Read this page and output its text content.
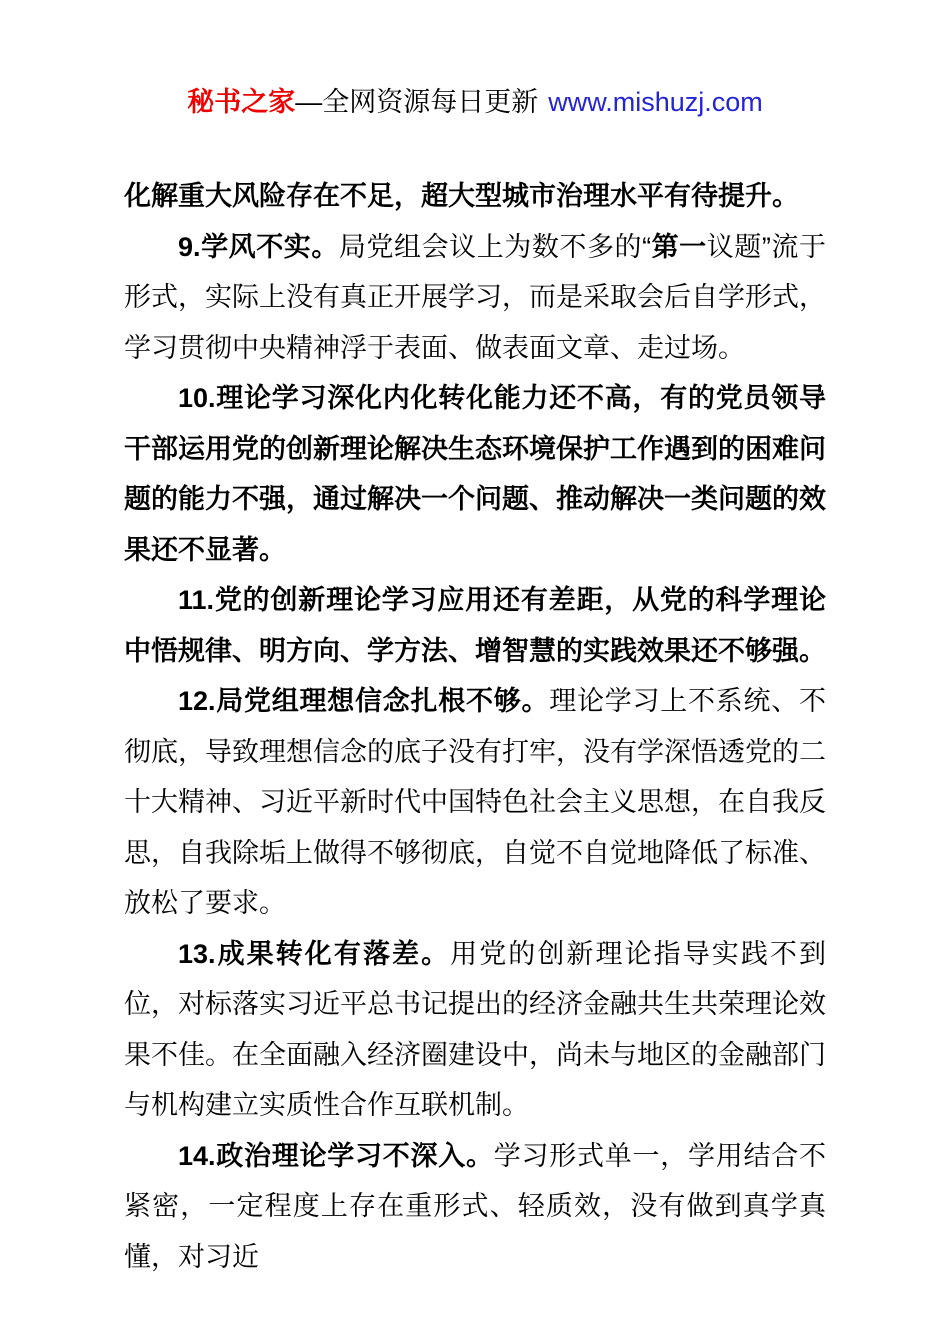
秘书之家—全网资源每日更新 www.mishuzj.com

化解重大风险存在不足，超大型城市治理水平有待提升。

9.学风不实。局党组会议上为数不多的“第一议题”流于形式，实际上没有真正开展学习，而是采取会后自学形式，学习贯彻中央精神浮于表面、做表面文章、走过场。

10.理论学习深化内化转化能力还不高，有的党员领导干部运用党的创新理论解决生态环境保护工作遇到的困难问题的能力不强，通过解决一个问题、推动解决一类问题的效果还不显著。

11.党的创新理论学习应用还有差距，从党的科学理论中悟规律、明方向、学方法、增智慧的实践效果还不够强。

12.局党组理想信念扎根不够。理论学习上不系统、不彻底，导致理想信念的底子没有打牢，没有学深悟透党的二十大精神、习近平新时代中国特色社会主义思想，在自我反思，自我除垢上做得不够彻底，自觉不自觉地降低了标准、放松了要求。

13.成果转化有落差。用党的创新理论指导实践不到位，对标落实习近平总书记提出的经济金融共生共荣理论效果不佳。在全面融入经济圈建设中，尚未与地区的金融部门与机构建立实质性合作互联机制。

14.政治理论学习不深入。学习形式单一，学用结合不紧密，一定程度上存在重形式、轻质效，没有做到真学真懂，对习近
